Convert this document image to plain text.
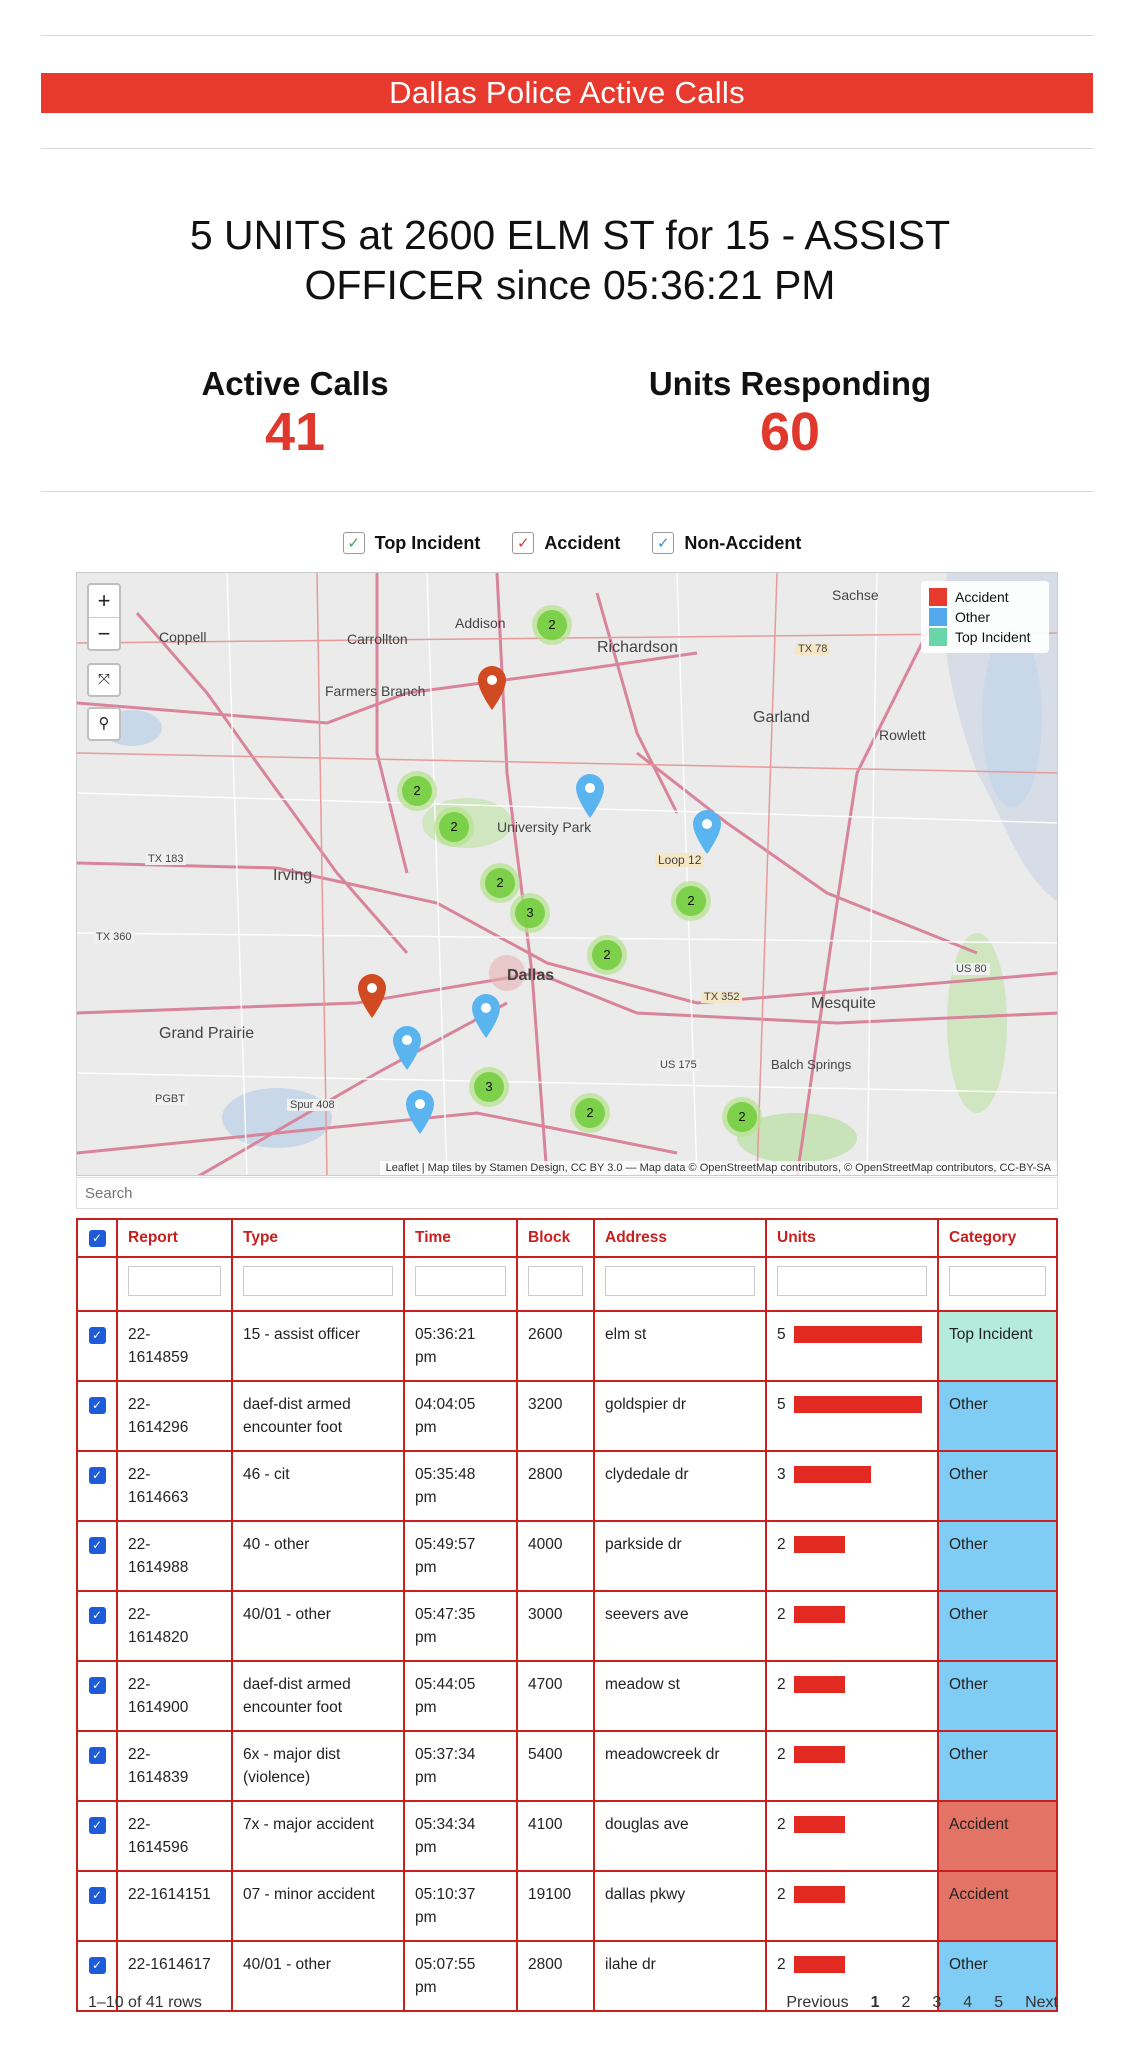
Dallas Police Active Calls
5 UNITS at 2600 ELM ST for 15 - ASSIST OFFICER since 05:36:21 PM
Active Calls
41
Units Responding
60
✓ Top Incident	✓ Accident	✓ Non-Accident
Addison
Richardson
Sachse
Carrollton
Coppell
Farmers Branch
Garland
Rowlett
University Park
Irving
Dallas
Grand Prairie
Mesquite
Balch Springs
Loop 12
TX 78
TX 183
TX 360
TX 352
US 80
US 175
Spur 408
PGBT
+
−
⤧
⚲
Accident
Other
Top Incident
2
2
2
2
3
2
2
3
2	2
Leaflet | Map tiles by Stamen Design, CC BY 3.0 — Map data © OpenStreetMap contributors, © OpenStreetMap contributors, CC-BY-SA
Search
✓	Report	Type	Time	Block	Address	Units	Category

✓	22-
1614859	15 - assist officer	05:36:21
pm	2600	elm st	5	Top Incident
✓	22-
1614296	daef-dist armed
encounter foot	04:04:05
pm	3200	goldspier dr	5	Other
✓	22-
1614663	46 - cit	05:35:48
pm	2800	clydedale dr	3	Other
✓	22-
1614988	40 - other	05:49:57
pm	4000	parkside dr	2	Other
✓	22-
1614820	40/01 - other	05:47:35
pm	3000	seevers ave	2	Other
✓	22-
1614900	daef-dist armed
encounter foot	05:44:05
pm	4700	meadow st	2	Other
✓	22-
1614839	6x - major dist
(violence)	05:37:34
pm	5400	meadowcreek dr	2	Other
✓	22-
1614596	7x - major accident	05:34:34
pm	4100	douglas ave	2	Accident
✓	22-1614151	07 - minor accident	05:10:37
pm	19100	dallas pkwy	2	Accident
✓	22-1614617	40/01 - other	05:07:55
pm	2800	ilahe dr	2	Other
1–10 of 41 rows	Previous 1 2 3 4 5 Next
